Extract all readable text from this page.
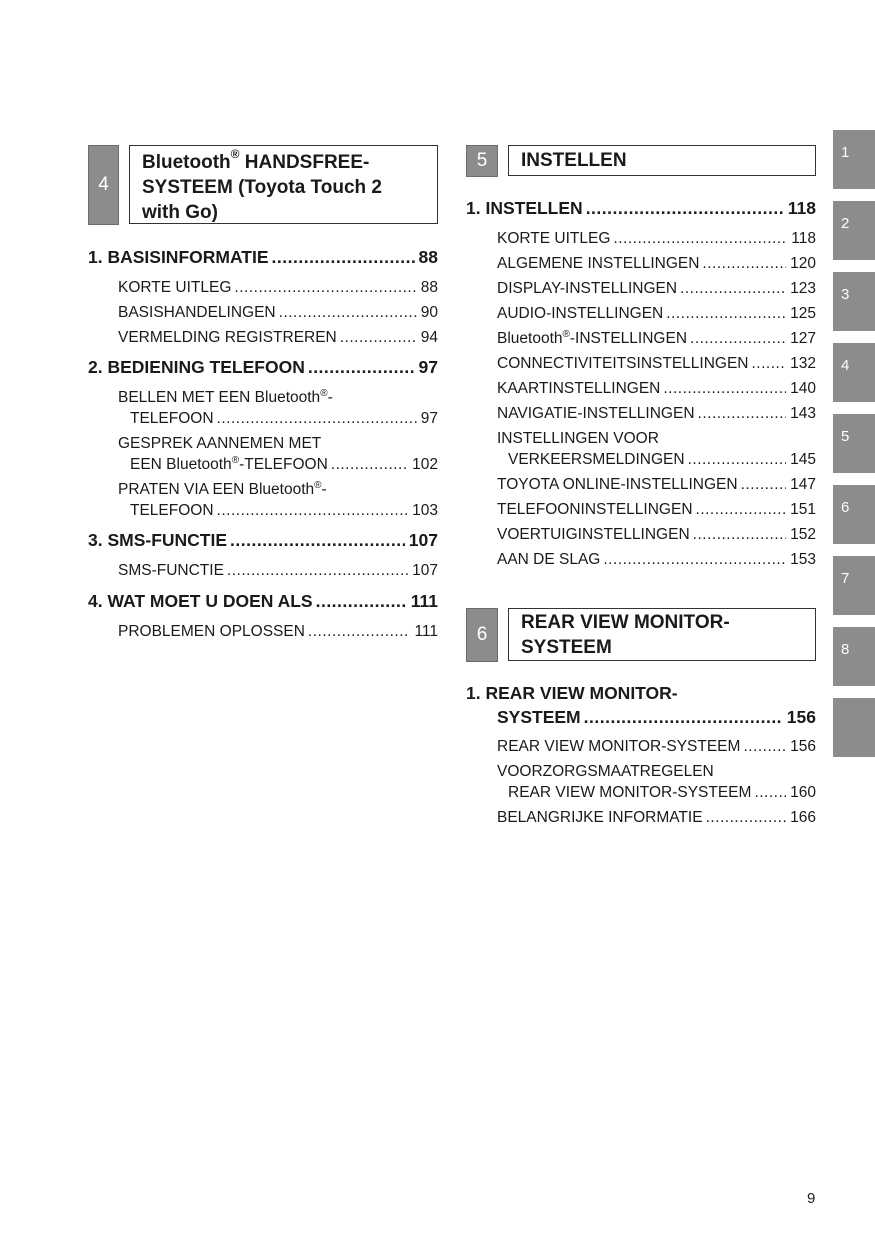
4
Bluetooth® HANDSFREE-
SYSTEEM (Toyota Touch 2
with Go)
1. BASISINFORMATIE .....	88
KORTE UITLEG .....	88
BASISHANDELINGEN .....	90
VERMELDING REGISTREREN .....	94
2. BEDIENING TELEFOON .....	97
BELLEN MET EEN Bluetooth®-
TELEFOON .....	97
GESPREK AANNEMEN MET
EEN Bluetooth®-TELEFOON .....	102
PRATEN VIA EEN Bluetooth®-
TELEFOON .....	103
3. SMS-FUNCTIE .....	107
SMS-FUNCTIE .....	107
4. WAT MOET U DOEN ALS .....	111
PROBLEMEN OPLOSSEN .....	111
5 INSTELLEN
1. INSTELLEN .....	118
KORTE UITLEG .....	118
ALGEMENE INSTELLINGEN .....	120
DISPLAY-INSTELLINGEN .....	123
AUDIO-INSTELLINGEN .....	125
Bluetooth®-INSTELLINGEN .....	127
CONNECTIVITEITSINSTELLINGEN .....	132
KAARTINSTELLINGEN .....	140
NAVIGATIE-INSTELLINGEN .....	143
INSTELLINGEN VOOR
VERKEERSMELDINGEN .....	145
TOYOTA ONLINE-INSTELLINGEN .....	147
TELEFOONINSTELLINGEN .....	151
VOERTUIGINSTELLINGEN .....	152
AAN DE SLAG .....	153
6
REAR VIEW MONITOR-
SYSTEEM
1. REAR VIEW MONITOR-
SYSTEEM .....	156
REAR VIEW MONITOR-SYSTEEM .....	156
VOORZORGSMAATREGELEN
REAR VIEW MONITOR-SYSTEEM ..... 160
BELANGRIJKE INFORMATIE .....	166
1
2
3
4
5
6
7
8
9
